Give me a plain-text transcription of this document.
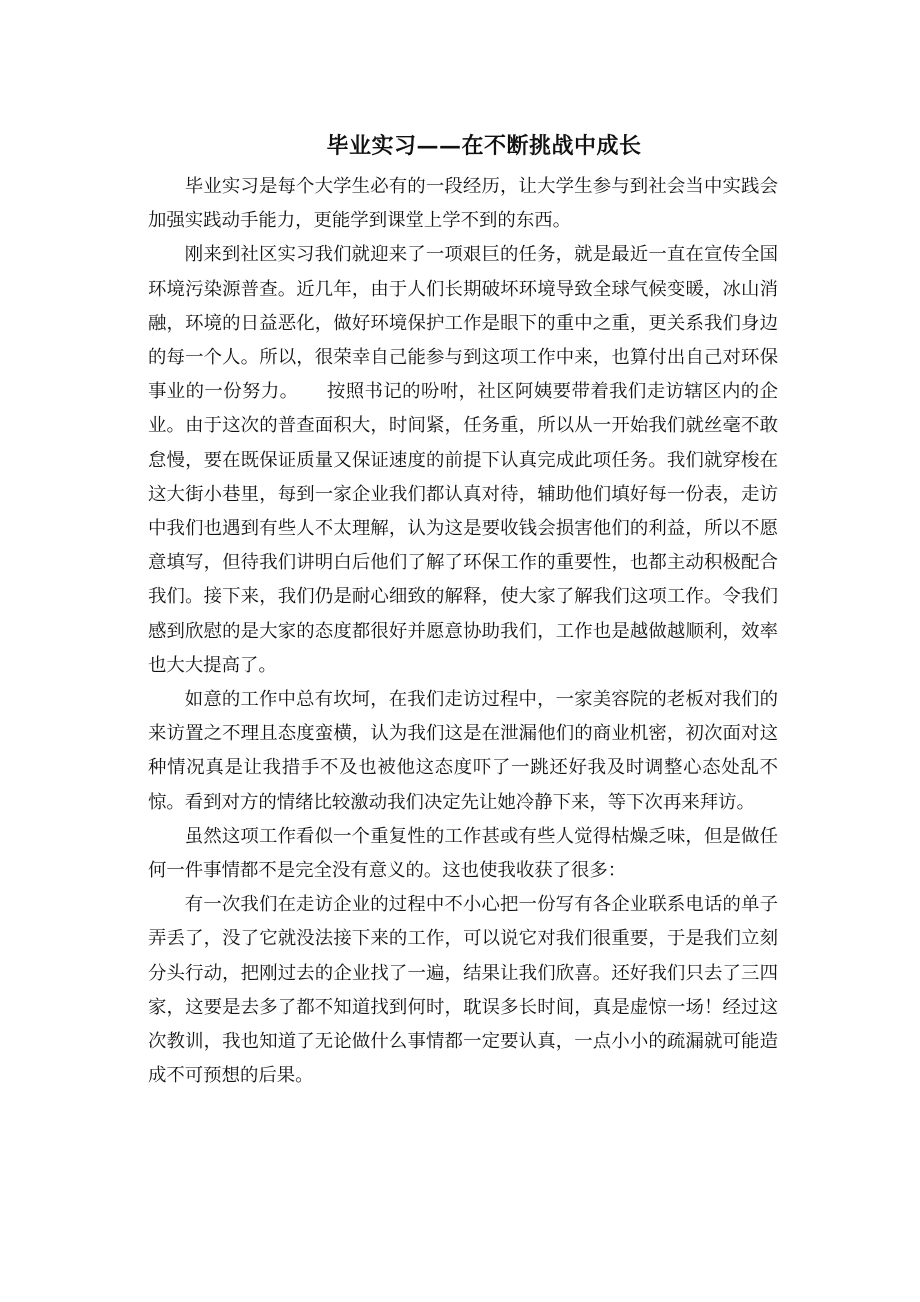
毕业实习——在不断挑战中成长

毕业实习是每个大学生必有的一段经历，让大学生参与到社会当中实践会加强实践动手能力，更能学到课堂上学不到的东西。

刚来到社区实习我们就迎来了一项艰巨的任务，就是最近一直在宣传全国环境污染源普查。近几年，由于人们长期破坏环境导致全球气候变暖，冰山消融，环境的日益恶化，做好环境保护工作是眼下的重中之重，更关系我们身边的每一个人。所以，很荣幸自己能参与到这项工作中来，也算付出自己对环保事业的一份努力。　　按照书记的吩咐，社区阿姨要带着我们走访辖区内的企业。由于这次的普查面积大，时间紧，任务重，所以从一开始我们就丝毫不敢怠慢，要在既保证质量又保证速度的前提下认真完成此项任务。我们就穿梭在这大街小巷里，每到一家企业我们都认真对待，辅助他们填好每一份表，走访中我们也遇到有些人不太理解，认为这是要收钱会损害他们的利益，所以不愿意填写，但待我们讲明白后他们了解了环保工作的重要性，也都主动积极配合我们。接下来，我们仍是耐心细致的解释，使大家了解我们这项工作。令我们感到欣慰的是大家的态度都很好并愿意协助我们，工作也是越做越顺利，效率也大大提高了。

如意的工作中总有坎坷，在我们走访过程中，一家美容院的老板对我们的来访置之不理且态度蛮横，认为我们这是在泄漏他们的商业机密，初次面对这种情况真是让我措手不及也被他这态度吓了一跳还好我及时调整心态处乱不惊。看到对方的情绪比较激动我们决定先让她冷静下来，等下次再来拜访。

虽然这项工作看似一个重复性的工作甚或有些人觉得枯燥乏味，但是做任何一件事情都不是完全没有意义的。这也使我收获了很多：

有一次我们在走访企业的过程中不小心把一份写有各企业联系电话的单子弄丢了，没了它就没法接下来的工作，可以说它对我们很重要，于是我们立刻分头行动，把刚过去的企业找了一遍，结果让我们欣喜。还好我们只去了三四家，这要是去多了都不知道找到何时，耽误多长时间，真是虚惊一场！经过这次教训，我也知道了无论做什么事情都一定要认真，一点小小的疏漏就可能造成不可预想的后果。
